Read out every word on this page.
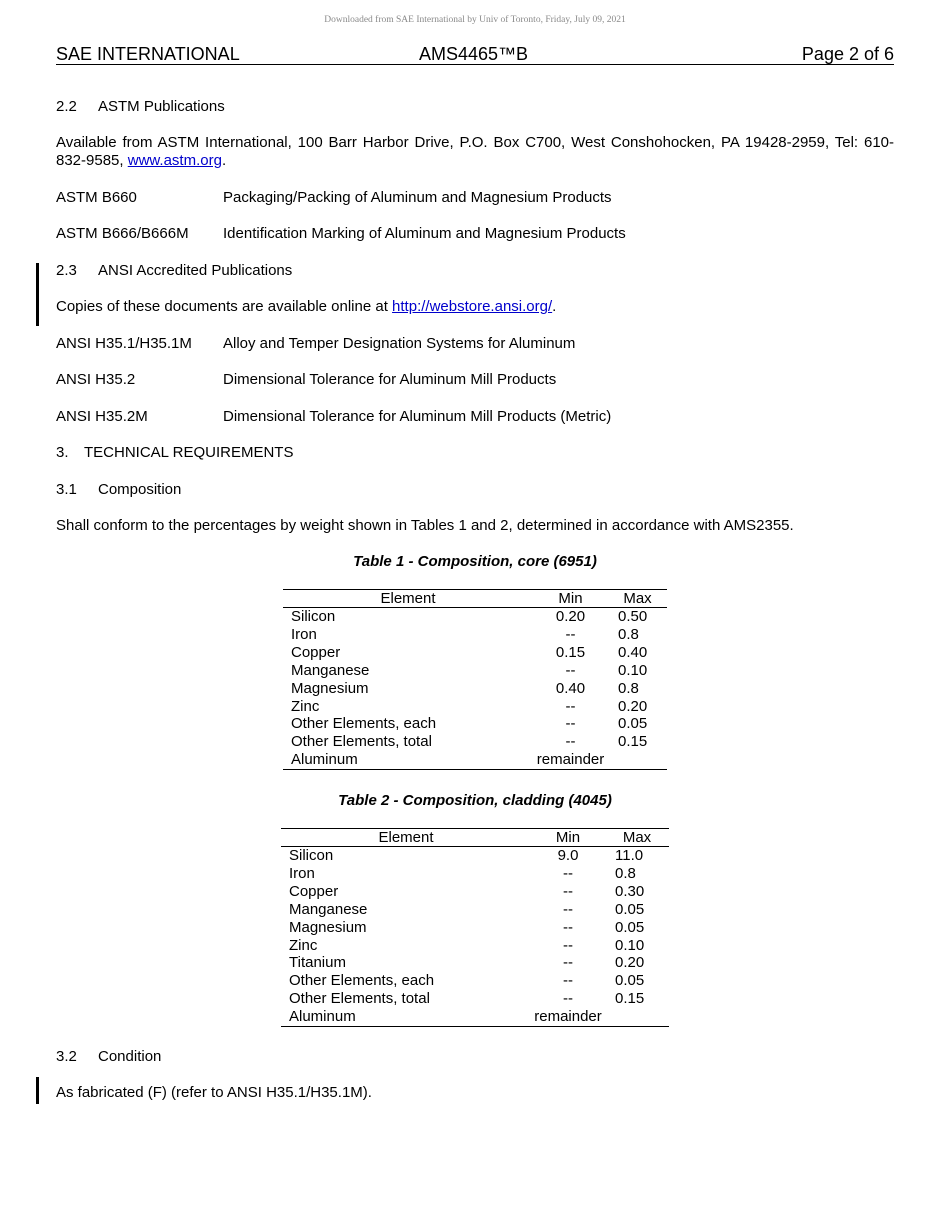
Downloaded from SAE International by Univ of Toronto, Friday, July 09, 2021
SAE INTERNATIONAL	AMS4465™B	Page 2 of 6
2.2 ASTM Publications
Available from ASTM International, 100 Barr Harbor Drive, P.O. Box C700, West Conshohocken, PA 19428-2959, Tel: 610-832-9585, www.astm.org.
ASTM B660	Packaging/Packing of Aluminum and Magnesium Products
ASTM B666/B666M Identification Marking of Aluminum and Magnesium Products
2.3 ANSI Accredited Publications
Copies of these documents are available online at http://webstore.ansi.org/.
ANSI H35.1/H35.1M Alloy and Temper Designation Systems for Aluminum
ANSI H35.2	Dimensional Tolerance for Aluminum Mill Products
ANSI H35.2M	Dimensional Tolerance for Aluminum Mill Products (Metric)
3. TECHNICAL REQUIREMENTS
3.1 Composition
Shall conform to the percentages by weight shown in Tables 1 and 2, determined in accordance with AMS2355.
Table 1 - Composition, core (6951)
Element	Min	Max
Silicon	0.20	0.50
Iron	--	0.8
Copper	0.15	0.40
Manganese	--	0.10
Magnesium	0.40	0.8
Zinc	--	0.20
Other Elements, each	--	0.05
Other Elements, total	--	0.15
Aluminum	remainder	
Table 2 - Composition, cladding (4045)
Element	Min	Max
Silicon	9.0	11.0
Iron	--	0.8
Copper	--	0.30
Manganese	--	0.05
Magnesium	--	0.05
Zinc	--	0.10
Titanium	--	0.20
Other Elements, each	--	0.05
Other Elements, total	--	0.15
Aluminum	remainder	
3.2 Condition
As fabricated (F) (refer to ANSI H35.1/H35.1M).
